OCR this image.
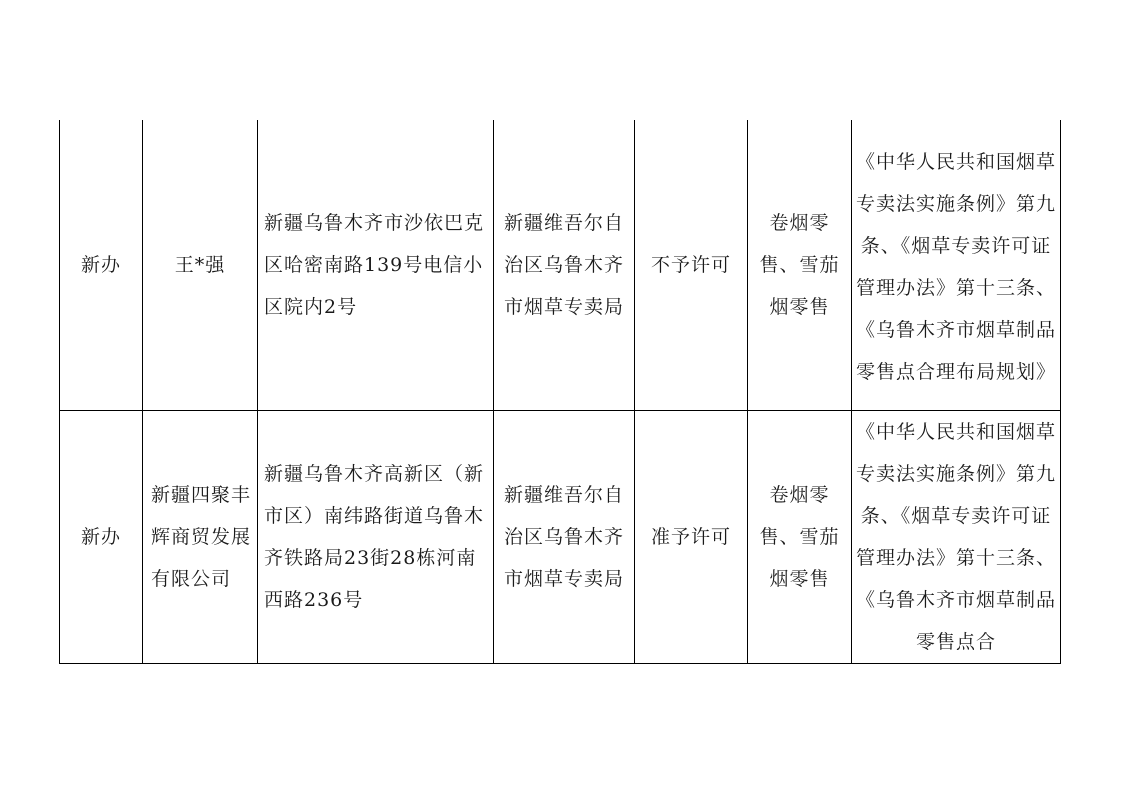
新办	王*强	新疆乌鲁木齐市沙依巴克区哈密南路139号电信小区院内2号	新疆维吾尔自治区乌鲁木齐市烟草专卖局	不予许可	卷烟零售、雪茄烟零售	《中华人民共和国烟草专卖法实施条例》第九条、《烟草专卖许可证管理办法》第十三条、《乌鲁木齐市烟草制品零售点合理布局规划》

新办	新疆四聚丰辉商贸发展有限公司	新疆乌鲁木齐高新区（新市区）南纬路街道乌鲁木齐铁路局23街28栋河南西路236号	新疆维吾尔自治区乌鲁木齐市烟草专卖局	准予许可	卷烟零售、雪茄烟零售	《中华人民共和国烟草专卖法实施条例》第九条、《烟草专卖许可证管理办法》第十三条、《乌鲁木齐市烟草制品零售点合
